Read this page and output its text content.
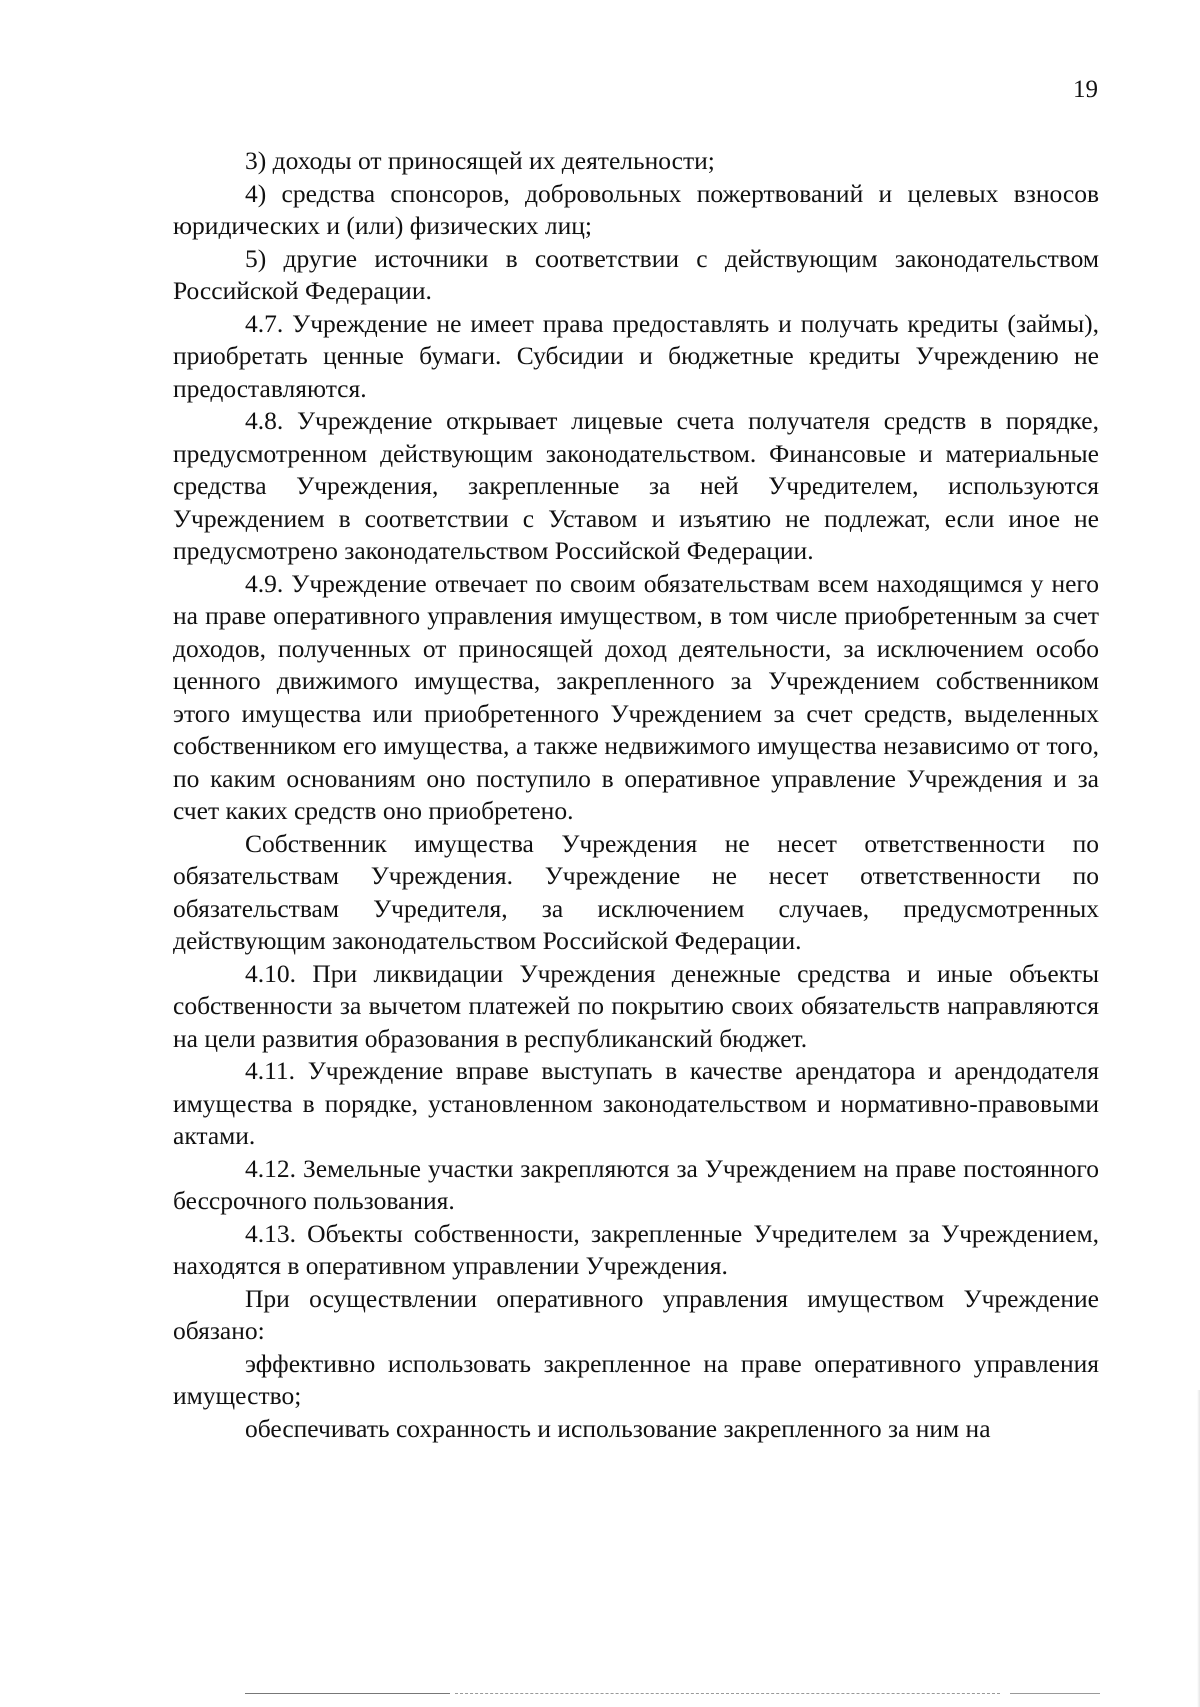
19

3) доходы от приносящей их деятельности;

4) средства спонсоров, добровольных пожертвований и целевых взносов юридических и (или) физических лиц;

5) другие источники в соответствии с действующим законодательством Российской Федерации.

4.7. Учреждение не имеет права предоставлять и получать кредиты (займы), приобретать ценные бумаги. Субсидии и бюджетные кредиты Учреждению не предоставляются.

4.8. Учреждение открывает лицевые счета получателя средств в порядке, предусмотренном действующим законодательством. Финансовые и материальные средства Учреждения, закрепленные за ней Учредителем, используются Учреждением в соответствии с Уставом и изъятию не подлежат, если иное не предусмотрено законодательством Российской Федерации.

4.9. Учреждение отвечает по своим обязательствам всем находящимся у него на праве оперативного управления имуществом, в том числе приобретенным за счет доходов, полученных от приносящей доход деятельности, за исключением особо ценного движимого имущества, закрепленного за Учреждением собственником этого имущества или приобретенного Учреждением за счет средств, выделенных собственником его имущества, а также недвижимого имущества независимо от того, по каким основаниям оно поступило в оперативное управление Учреждения и за счет каких средств оно приобретено.

Собственник имущества Учреждения не несет ответственности по обязательствам Учреждения. Учреждение не несет ответственности по обязательствам Учредителя, за исключением случаев, предусмотренных действующим законодательством Российской Федерации.

4.10. При ликвидации Учреждения денежные средства и иные объекты собственности за вычетом платежей по покрытию своих обязательств направляются на цели развития образования в республиканский бюджет.

4.11. Учреждение вправе выступать в качестве арендатора и арендодателя имущества в порядке, установленном законодательством и нормативно-правовыми актами.

4.12. Земельные участки закрепляются за Учреждением на праве постоянного бессрочного пользования.

4.13. Объекты собственности, закрепленные Учредителем за Учреждением, находятся в оперативном управлении Учреждения.

При осуществлении оперативного управления имуществом Учреждение обязано:

эффективно использовать закрепленное на праве оперативного управления имущество;

обеспечивать сохранность и использование закрепленного за ним на
